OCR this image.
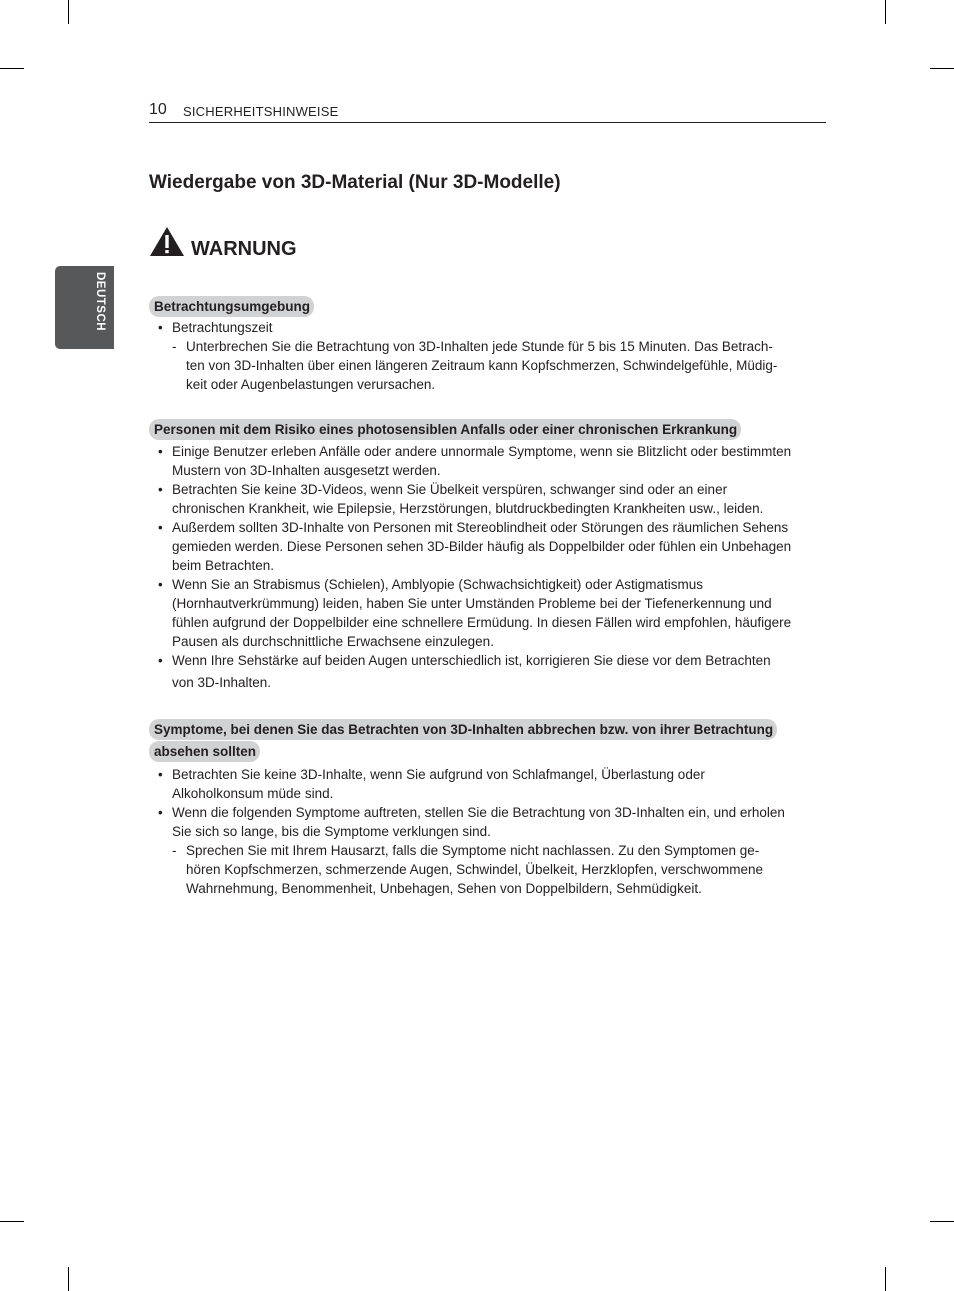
10 SICHERHEITSHINWEISE
DEUTSCH
Wiedergabe von 3D-Material (Nur 3D-Modelle)
WARNUNG
Betrachtungsumgebung
• Betrachtungszeit
- Unterbrechen Sie die Betrachtung von 3D-Inhalten jede Stunde für 5 bis 15 Minuten. Das Betrach-
ten von 3D-Inhalten über einen längeren Zeitraum kann Kopfschmerzen, Schwindelgefühle, Müdig-
keit oder Augenbelastungen verursachen.
Personen mit dem Risiko eines photosensiblen Anfalls oder einer chronischen Erkrankung
• Einige Benutzer erleben Anfälle oder andere unnormale Symptome, wenn sie Blitzlicht oder bestimmten
Mustern von 3D-Inhalten ausgesetzt werden.
• Betrachten Sie keine 3D-Videos, wenn Sie Übelkeit verspüren, schwanger sind oder an einer
chronischen Krankheit, wie Epilepsie, Herzstörungen, blutdruckbedingten Krankheiten usw., leiden.
• Außerdem sollten 3D-Inhalte von Personen mit Stereoblindheit oder Störungen des räumlichen Sehens
gemieden werden. Diese Personen sehen 3D-Bilder häufig als Doppelbilder oder fühlen ein Unbehagen
beim Betrachten.
• Wenn Sie an Strabismus (Schielen), Amblyopie (Schwachsichtigkeit) oder Astigmatismus
(Hornhautverkrümmung) leiden, haben Sie unter Umständen Probleme bei der Tiefenerkennung und
fühlen aufgrund der Doppelbilder eine schnellere Ermüdung. In diesen Fällen wird empfohlen, häufigere
Pausen als durchschnittliche Erwachsene einzulegen.
• Wenn Ihre Sehstärke auf beiden Augen unterschiedlich ist, korrigieren Sie diese vor dem Betrachten
von 3D-Inhalten.
Symptome, bei denen Sie das Betrachten von 3D-Inhalten abbrechen bzw. von ihrer Betrachtung
absehen sollten
• Betrachten Sie keine 3D-Inhalte, wenn Sie aufgrund von Schlafmangel, Überlastung oder
Alkoholkonsum müde sind.
• Wenn die folgenden Symptome auftreten, stellen Sie die Betrachtung von 3D-Inhalten ein, und erholen
Sie sich so lange, bis die Symptome verklungen sind.
- Sprechen Sie mit Ihrem Hausarzt, falls die Symptome nicht nachlassen. Zu den Symptomen ge-
hören Kopfschmerzen, schmerzende Augen, Schwindel, Übelkeit, Herzklopfen, verschwommene
Wahrnehmung, Benommenheit, Unbehagen, Sehen von Doppelbildern, Sehmüdigkeit.
